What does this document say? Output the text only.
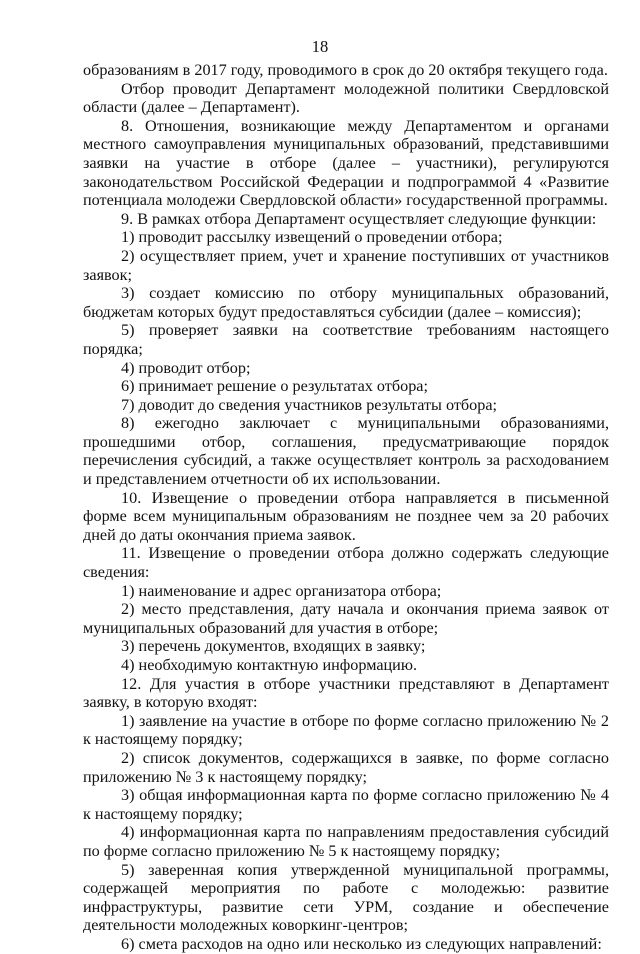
18

образованиям в 2017 году, проводимого в срок до 20 октября текущего года.

Отбор проводит Департамент молодежной политики Свердловской области (далее – Департамент).

8. Отношения, возникающие между Департаментом и органами местного самоуправления муниципальных образований, представившими заявки на участие в отборе (далее – участники), регулируются законодательством Российской Федерации и подпрограммой 4 «Развитие потенциала молодежи Свердловской области» государственной программы.

9. В рамках отбора Департамент осуществляет следующие функции:

1) проводит рассылку извещений о проведении отбора;

2) осуществляет прием, учет и хранение поступивших от участников заявок;

3) создает комиссию по отбору муниципальных образований, бюджетам которых будут предоставляться субсидии (далее – комиссия);

5) проверяет заявки на соответствие требованиям настоящего порядка;

4) проводит отбор;

6) принимает решение о результатах отбора;

7) доводит до сведения участников результаты отбора;

8) ежегодно заключает с муниципальными образованиями, прошедшими отбор, соглашения, предусматривающие порядок перечисления субсидий, а также осуществляет контроль за расходованием и представлением отчетности об их использовании.

10. Извещение о проведении отбора направляется в письменной форме всем муниципальным образованиям не позднее чем за 20 рабочих дней до даты окончания приема заявок.

11. Извещение о проведении отбора должно содержать следующие сведения:

1) наименование и адрес организатора отбора;

2) место представления, дату начала и окончания приема заявок от муниципальных образований для участия в отборе;

3) перечень документов, входящих в заявку;

4) необходимую контактную информацию.

12. Для участия в отборе участники представляют в Департамент заявку, в которую входят:

1) заявление на участие в отборе по форме согласно приложению № 2 к настоящему порядку;

2) список документов, содержащихся в заявке, по форме согласно приложению № 3 к настоящему порядку;

3) общая информационная карта по форме согласно приложению № 4 к настоящему порядку;

4) информационная карта по направлениям предоставления субсидий по форме согласно приложению № 5 к настоящему порядку;

5) заверенная копия утвержденной муниципальной программы, содержащей мероприятия по работе с молодежью: развитие инфраструктуры, развитие сети УРМ, создание и обеспечение деятельности молодежных коворкинг-центров;

6) смета расходов на одно или несколько из следующих направлений:
